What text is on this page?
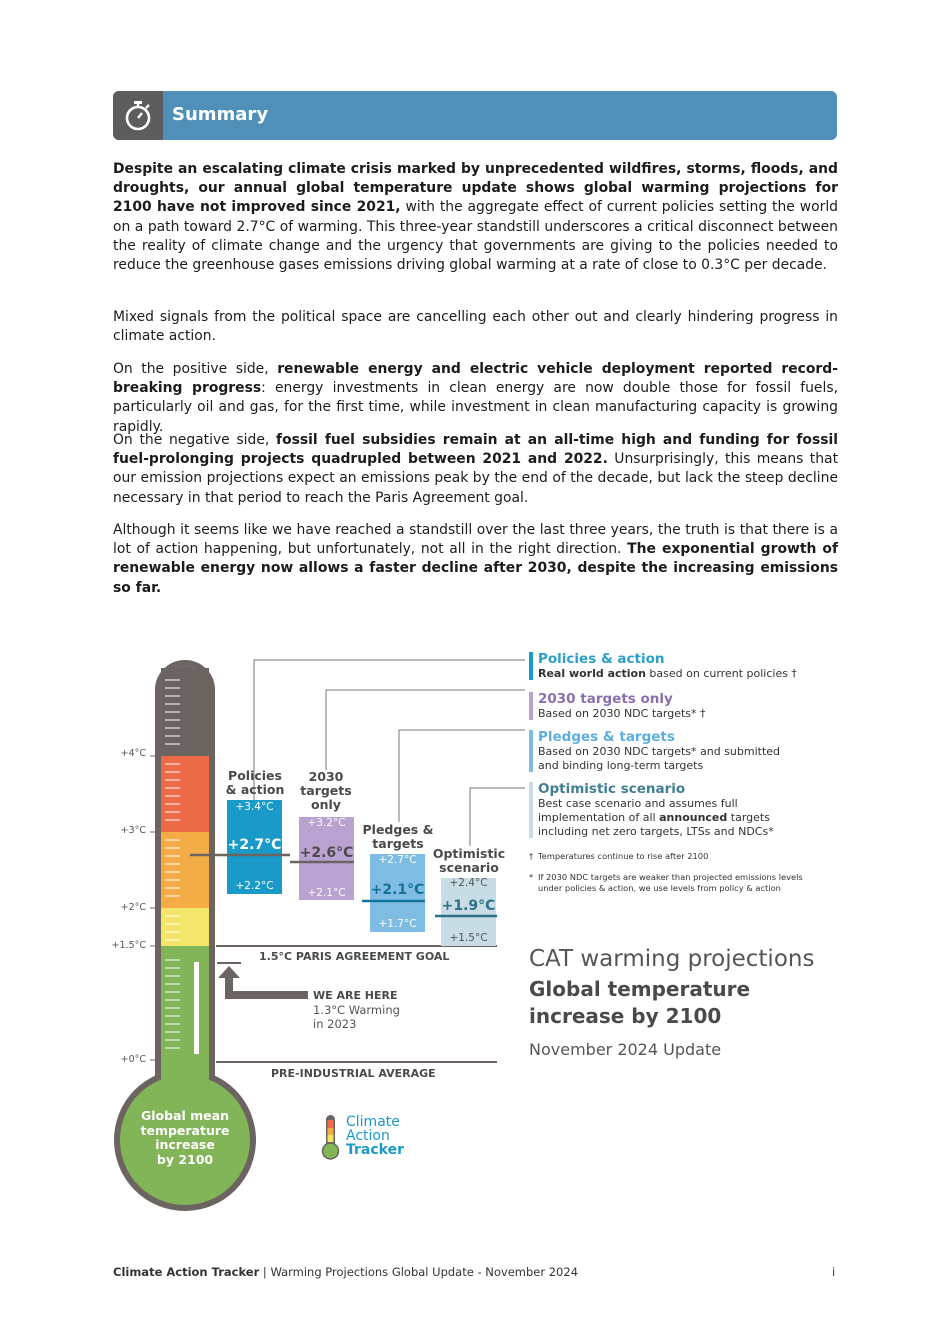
Summary

Despite an escalating climate crisis marked by unprecedented wildfires, storms, floods, and droughts, our annual global temperature update shows global warming projections for 2100 have not improved since 2021, with the aggregate effect of current policies setting the world on a path toward 2.7°C of warming. This three-year standstill underscores a critical disconnect between the reality of climate change and the urgency that governments are giving to the policies needed to reduce the greenhouse gases emissions driving global warming at a rate of close to 0.3°C per decade.

Mixed signals from the political space are cancelling each other out and clearly hindering progress in climate action.

On the positive side, renewable energy and electric vehicle deployment reported record-breaking progress: energy investments in clean energy are now double those for fossil fuels, particularly oil and gas, for the first time, while investment in clean manufacturing capacity is growing rapidly.

On the negative side, fossil fuel subsidies remain at an all-time high and funding for fossil fuel-prolonging projects quadrupled between 2021 and 2022. Unsurprisingly, this means that our emission projections expect an emissions peak by the end of the decade, but lack the steep decline necessary in that period to reach the Paris Agreement goal.

Although it seems like we have reached a standstill over the last three years, the truth is that there is a lot of action happening, but unfortunately, not all in the right direction. The exponential growth of renewable energy now allows a faster decline after 2030, despite the increasing emissions so far.

+4°C
+3°C
+2°C
+1.5°C
+0°C
Global mean
temperature
increase
by 2100
Policies
& action
2030
targets
only
Pledges &
targets
Optimistic
scenario
+3.4°C
+2.7°C
+2.2°C
+3.2°C
+2.6°C
+2.1°C
+2.7°C
+2.1°C
+1.7°C
+2.4°C
+1.9°C
+1.5°C
1.5°C PARIS AGREEMENT GOAL
PRE-INDUSTRIAL AVERAGE
WE ARE HERE
1.3°C Warming
in 2023
Policies & action
Real world action based on current policies †
2030 targets only
Based on 2030 NDC targets* †
Pledges & targets
Based on 2030 NDC targets* and submitted and binding long-term targets
Optimistic scenario
Best case scenario and assumes full implementation of all announced targets including net zero targets, LTSs and NDCs*
† Temperatures continue to rise after 2100
* If 2030 NDC targets are weaker than projected emissions levels under policies & action, we use levels from policy & action
CAT warming projections
Global temperature
increase by 2100
November 2024 Update
Climate
Action
Tracker
Climate Action Tracker | Warming Projections Global Update - November 2024	i
